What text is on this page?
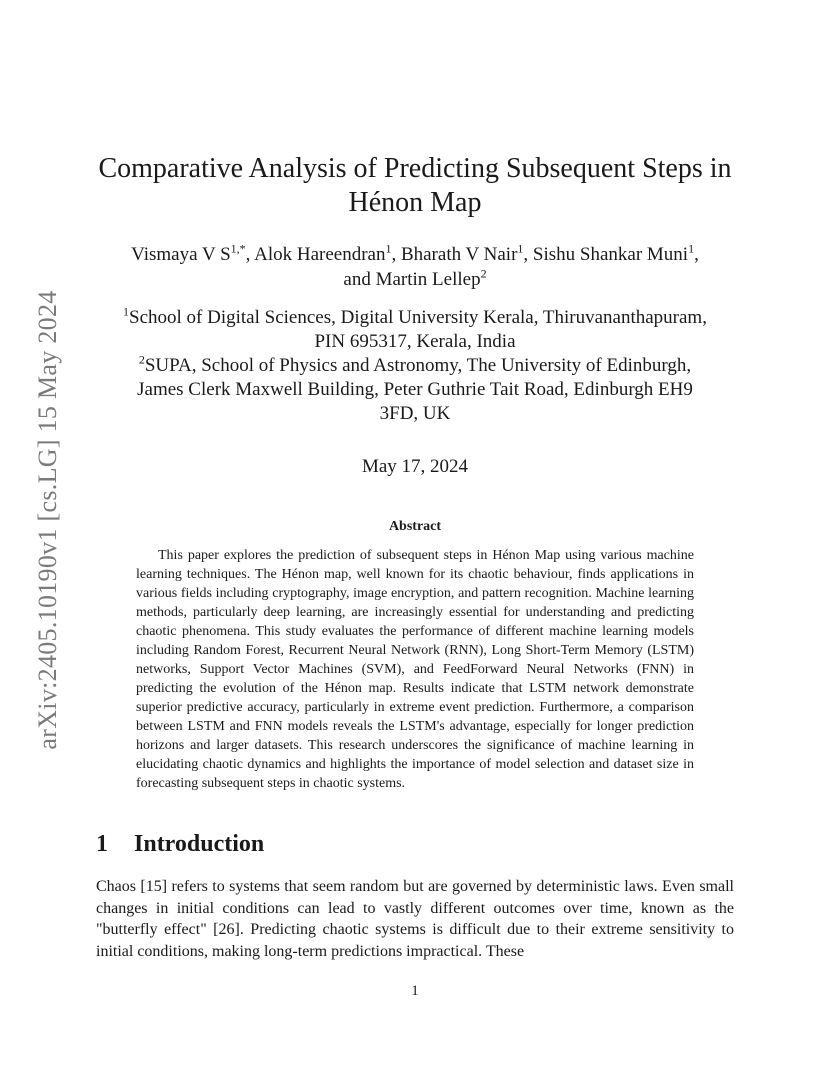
arXiv:2405.10190v1 [cs.LG] 15 May 2024
Comparative Analysis of Predicting Subsequent Steps in
Hénon Map
Vismaya V $S^{1,*}$, Alok Hareendran$^1$, Bharath V Nair$^1$, Sishu Shankar Muni$^1$,
and Martin Lellep$^2$
$^1$School of Digital Sciences, Digital University Kerala, Thiruvananthapuram,
PIN 695317, Kerala, India
$^2$SUPA, School of Physics and Astronomy, The University of Edinburgh,
James Clerk Maxwell Building, Peter Guthrie Tait Road, Edinburgh EH9
3FD, UK
May 17, 2024
Abstract
This paper explores the prediction of subsequent steps in Hénon Map using various machine learning techniques. The Hénon map, well known for its chaotic behaviour, finds applications in various fields including cryptography, image encryption, and pattern recognition. Machine learning methods, particularly deep learning, are increasingly essential for understanding and predicting chaotic phenomena. This study evaluates the performance of different machine learning models including Random Forest, Recurrent Neural Network (RNN), Long Short-Term Memory (LSTM) networks, Support Vector Machines (SVM), and FeedForward Neural Networks (FNN) in predicting the evolution of the Hénon map. Results indicate that LSTM network demonstrate superior predictive accuracy, particularly in extreme event prediction. Furthermore, a comparison between LSTM and FNN models reveals the LSTM's advantage, especially for longer prediction horizons and larger datasets. This research underscores the significance of machine learning in elucidating chaotic dynamics and highlights the importance of model selection and dataset size in forecasting subsequent steps in chaotic systems.
1 Introduction
Chaos [15] refers to systems that seem random but are governed by deterministic laws. Even small changes in initial conditions can lead to vastly different outcomes over time, known as the "butterfly effect" [26]. Predicting chaotic systems is difficult due to their extreme sensitivity to initial conditions, making long-term predictions impractical. These
1
